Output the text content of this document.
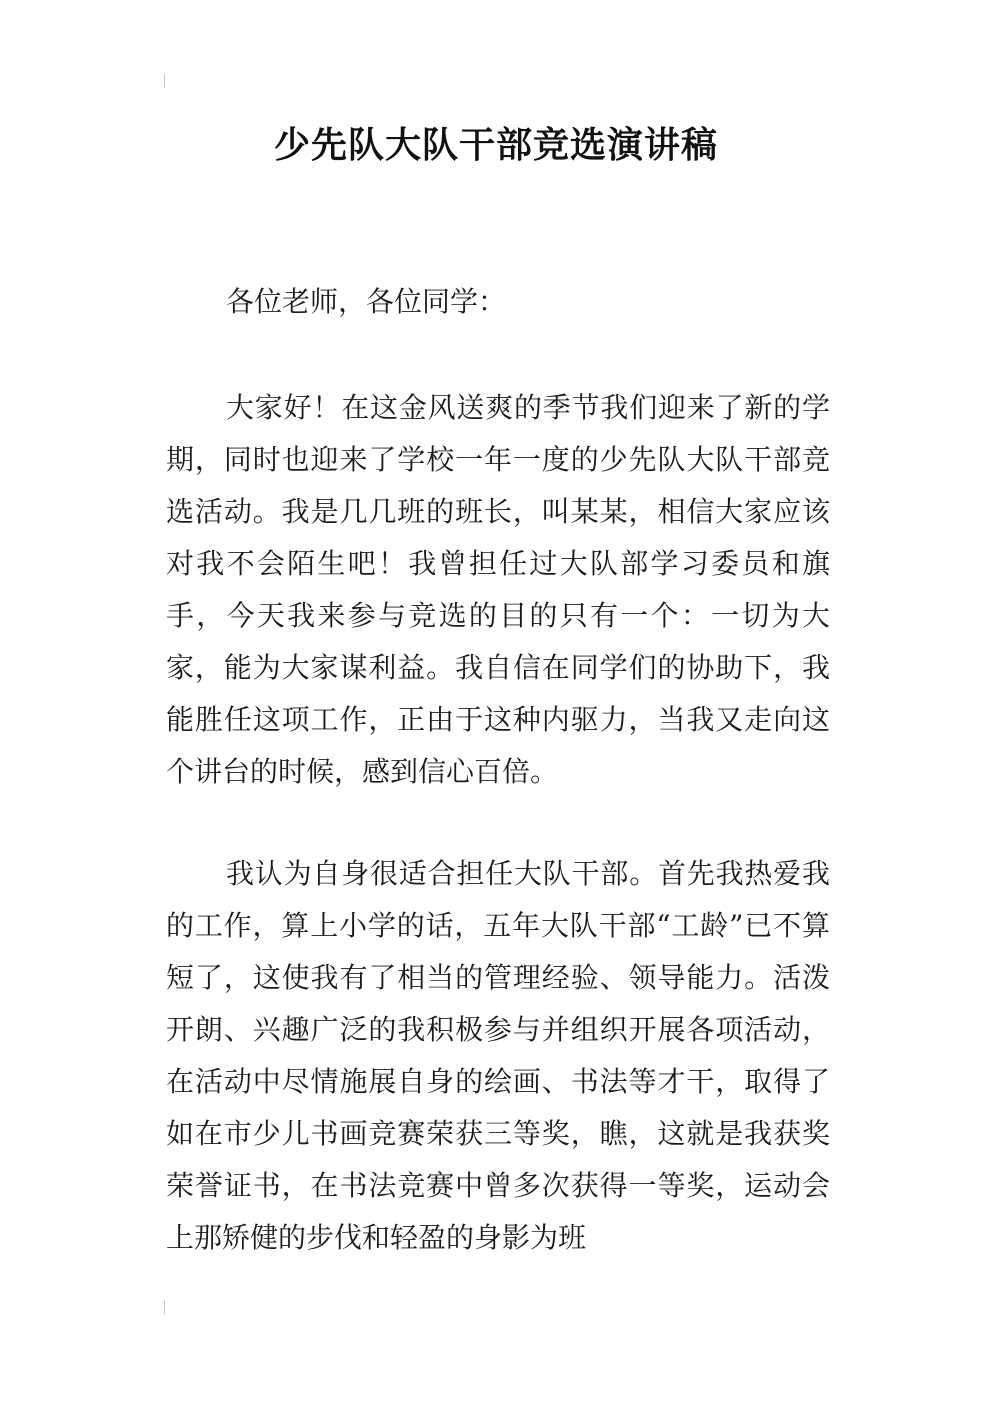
少先队大队干部竞选演讲稿

各位老师，各位同学：

大家好！在这金风送爽的季节我们迎来了新的学期，同时也迎来了学校一年一度的少先队大队干部竞选活动。我是几几班的班长，叫某某，相信大家应该对我不会陌生吧！我曾担任过大队部学习委员和旗手，今天我来参与竞选的目的只有一个：一切为大家，能为大家谋利益。我自信在同学们的协助下，我能胜任这项工作，正由于这种内驱力，当我又走向这个讲台的时候，感到信心百倍。

我认为自身很适合担任大队干部。首先我热爱我的工作，算上小学的话，五年大队干部“工龄”已不算短了，这使我有了相当的管理经验、领导能力。活泼开朗、兴趣广泛的我积极参与并组织开展各项活动，在活动中尽情施展自身的绘画、书法等才干，取得了如在市少儿书画竞赛荣获三等奖，瞧，这就是我获奖荣誉证书，在书法竞赛中曾多次获得一等奖，运动会上那矫健的步伐和轻盈的身影为班
